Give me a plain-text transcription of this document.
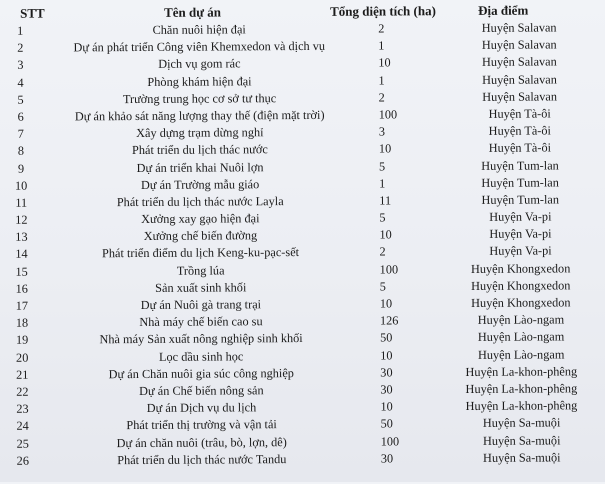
STT	Tên dự án	Tổng diện tích (ha)	Địa điểm
1	Chăn nuôi hiện đại	2	Huyện Salavan
2	Dự án phát triển Công viên Khemxedon và dịch vụ	1	Huyện Salavan
3	Dịch vụ gom rác	10	Huyện Salavan
4	Phòng khám hiện đại	1	Huyện Salavan
5	Trường trung học cơ sở tư thục	2	Huyện Salavan
6	Dự án khảo sát năng lượng thay thế (điện mặt trời)	100	Huyện Tà-ôi
7	Xây dựng trạm dừng nghỉ	3	Huyện Tà-ôi
8	Phát triển du lịch thác nước	10	Huyện Tà-ôi
9	Dự án triển khai Nuôi lợn	5	Huyện Tum-lan
10	Dự án Trường mẫu giáo	1	Huyện Tum-lan
11	Phát triển du lịch thác nước Layla	11	Huyện Tum-lan
12	Xưởng xay gạo hiện đại	5	Huyện Va-pi
13	Xưởng chế biến đường	10	Huyện Va-pi
14	Phát triển điểm du lịch Keng-ku-pạc-sết	2	Huyện Va-pi
15	Trồng lúa	100	Huyện Khongxedon
16	Sản xuất sinh khối	5	Huyện Khongxedon
17	Dự án Nuôi gà trang trại	10	Huyện Khongxedon
18	Nhà máy chế biến cao su	126	Huyện Lào-ngam
19	Nhà máy Sản xuất nông nghiệp sinh khối	50	Huyện Lào-ngam
20	Lọc dầu sinh học	10	Huyện Lào-ngam
21	Dự án Chăn nuôi gia súc công nghiệp	30	Huyện La-khon-phêng
22	Dự án Chế biến nông sản	30	Huyện La-khon-phêng
23	Dự án Dịch vụ du lịch	10	Huyện La-khon-phêng
24	Phát triển thị trường và vận tải	50	Huyện Sa-muội
25	Dự án chăn nuôi (trâu, bò, lợn, dê)	100	Huyện Sa-muội
26	Phát triển du lịch thác nước Tandu	30	Huyện Sa-muội
